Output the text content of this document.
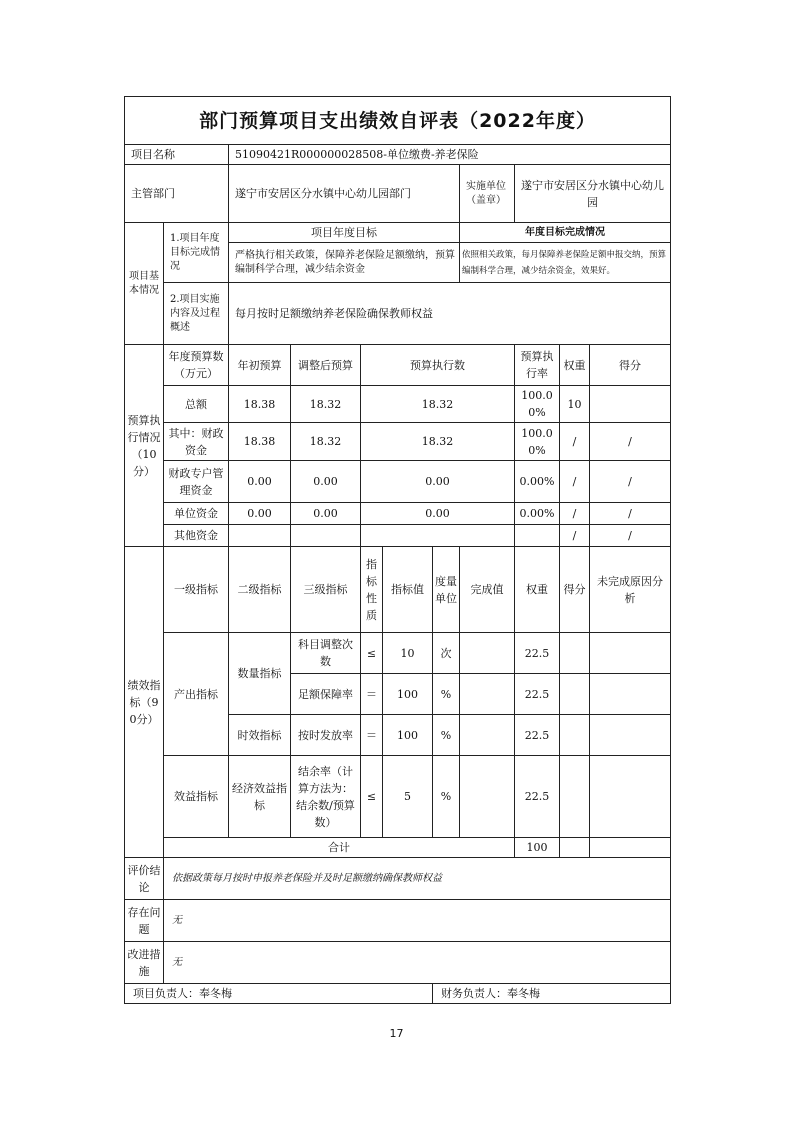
部门预算项目支出绩效自评表（2022年度）											
项目名称		51090421R000000028508-单位缴费-养老保险									
主管部门		遂宁市安居区分水镇中心幼儿园部门					实施单位（盖章）	遂宁市安居区分水镇中心幼儿园			
项目基本情况	1.项目年度目标完成情况	项目年度目标					年度目标完成情况				
		严格执行相关政策，保障养老保险足额缴纳，预算编制科学合理，减少结余资金					依照相关政策，每月保障养老保险足额申报交纳，预算编制科学合理，减少结余资金，效果好。				
	2.项目实施内容及过程概述	每月按时足额缴纳养老保险确保教师权益									
预算执行情况（10分）	年度预算数（万元）	年初预算	调整后预算	预算执行数				预算执行率	权重	得分	
	总额	18.38	18.32	18.32				100.00%	10		
	其中：财政资金	18.38	18.32	18.32				100.00%	/	/	
	财政专户管理资金	0.00	0.00	0.00				0.00%	/	/	
	单位资金	0.00	0.00	0.00				0.00%	/	/	
	其他资金								/	/	
绩效指标（90分）	一级指标	二级指标	三级指标	指标性质	指标值	度量单位	完成值	权重	得分	未完成原因分析	
	产出指标	数量指标	科目调整次数	≤	10	次		22.5			
			足额保障率	＝	100	%		22.5			
		时效指标	按时发放率	＝	100	%		22.5			
	效益指标	经济效益指标	结余率（计算方法为：结余数/预算数）	≤	5	%		22.5			
	合计							100			
评价结论	依据政策每月按时申报养老保险并及时足额缴纳确保教师权益										
存在问题	无										
改进措施	无										
项目负责人：奉冬梅						财务负责人：奉冬梅					
17
